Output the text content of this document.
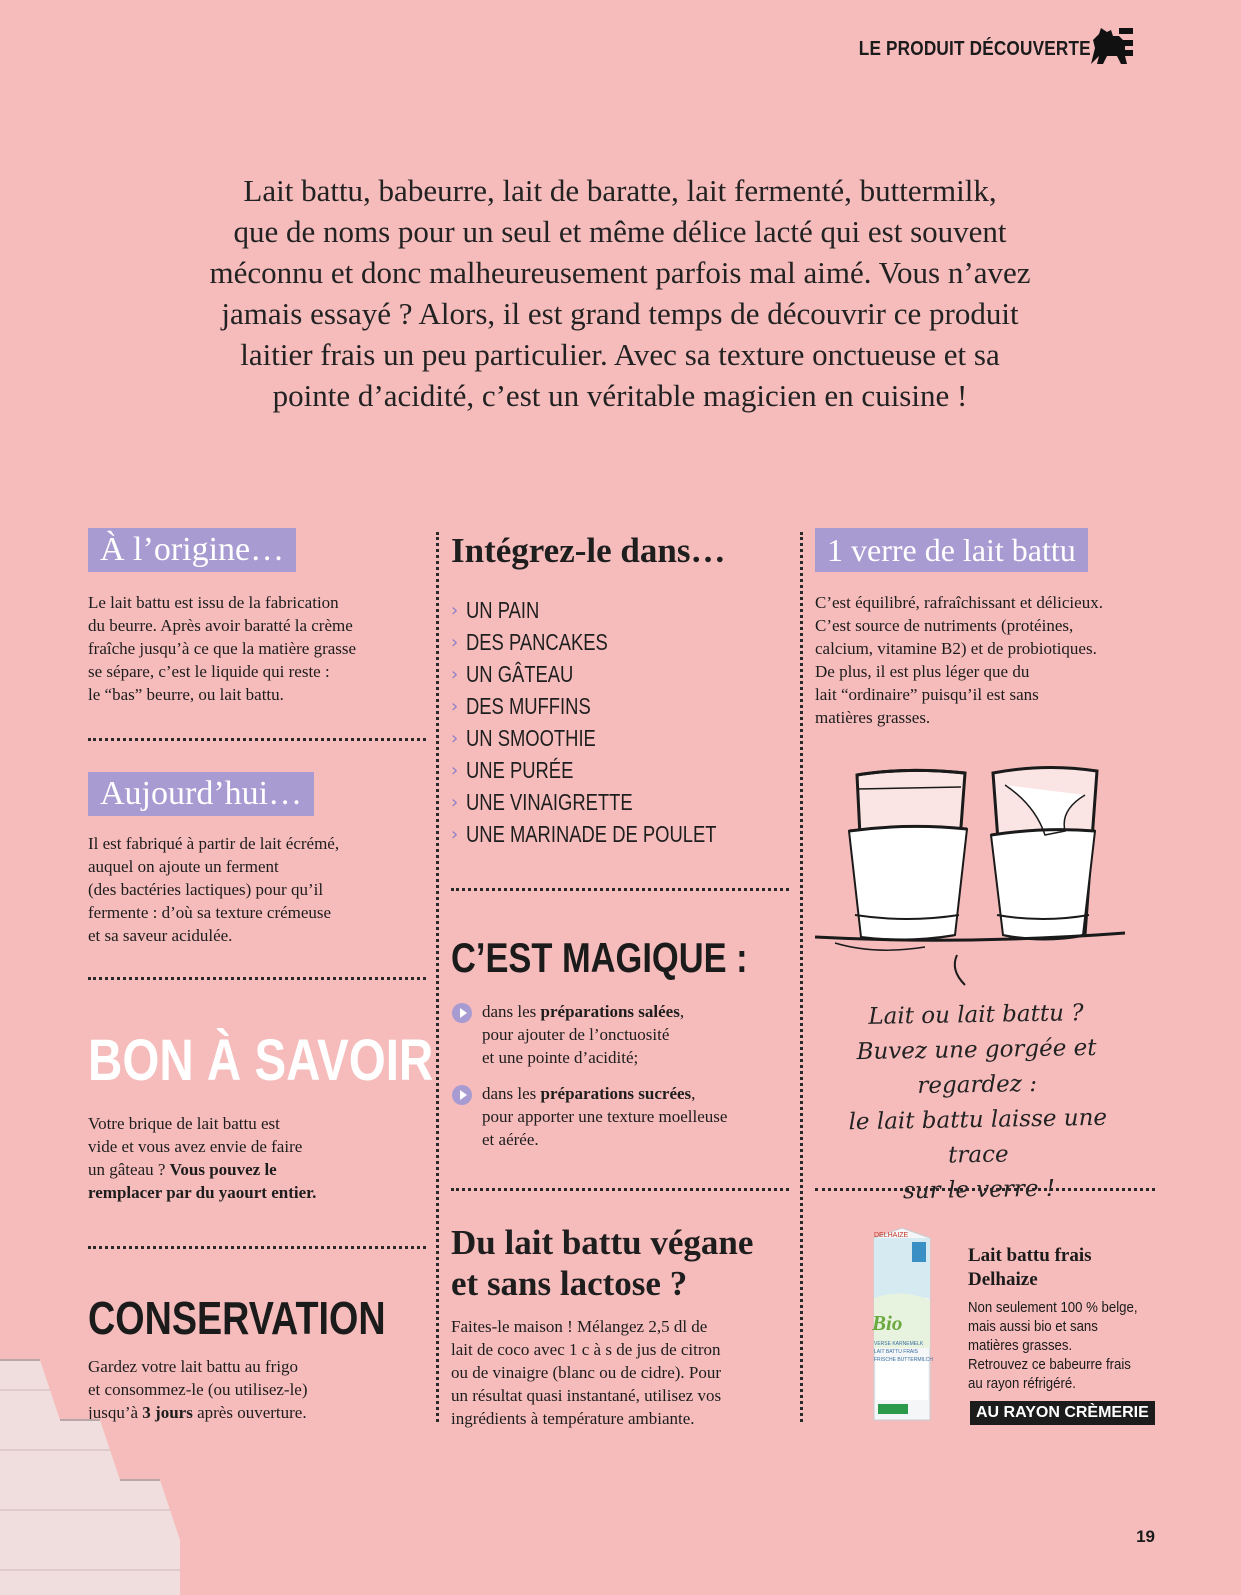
LE PRODUIT DÉCOUVERTE
Lait battu, babeurre, lait de baratte, lait fermenté, buttermilk,
que de noms pour un seul et même délice lacté qui est souvent
méconnu et donc malheureusement parfois mal aimé. Vous n’avez
jamais essayé ? Alors, il est grand temps de découvrir ce produit
laitier frais un peu particulier. Avec sa texture onctueuse et sa
pointe d’acidité, c’est un véritable magicien en cuisine !
À l’origine…
Le lait battu est issu de la fabrication
du beurre. Après avoir baratté la crème
fraîche jusqu’à ce que la matière grasse
se sépare, c’est le liquide qui reste :
le “bas” beurre, ou lait battu.
Aujourd’hui…
Il est fabriqué à partir de lait écrémé,
auquel on ajoute un ferment
(des bactéries lactiques) pour qu’il
fermente : d’où sa texture crémeuse
et sa saveur acidulée.
BON À SAVOIR
Votre brique de lait battu est
vide et vous avez envie de faire
un gâteau ? Vous pouvez le
remplacer par du yaourt entier.
CONSERVATION
Gardez votre lait battu au frigo
et consommez-le (ou utilisez-le)
jusqu’à 3 jours après ouverture.
Intégrez-le dans…
› UN PAIN
› DES PANCAKES
› UN GÂTEAU
› DES MUFFINS
› UN SMOOTHIE
› UNE PURÉE
› UNE VINAIGRETTE
› UNE MARINADE DE POULET
C’EST MAGIQUE :
dans les préparations salées,
pour ajouter de l’onctuosité
et une pointe d’acidité;
dans les préparations sucrées,
pour apporter une texture moelleuse
et aérée.
Du lait battu végane
et sans lactose ?
Faites-le maison ! Mélangez 2,5 dl de
lait de coco avec 1 c à s de jus de citron
ou de vinaigre (blanc ou de cidre). Pour
un résultat quasi instantané, utilisez vos
ingrédients à température ambiante.
1 verre de lait battu
C’est équilibré, rafraîchissant et délicieux.
C’est source de nutriments (protéines,
calcium, vitamine B2) et de probiotiques.
De plus, il est plus léger que du
lait “ordinaire” puisqu’il est sans
matières grasses.
Lait ou lait battu ?
Buvez une gorgée et regardez :
le lait battu laisse une trace
sur le verre !
Bio
DELHAIZE
VERSE KARNEMELK
LAIT BATTU FRAIS
FRISCHE BUTTERMILCH
Lait battu frais
Delhaize
Non seulement 100 % belge,
mais aussi bio et sans
matières grasses.
Retrouvez ce babeurre frais
au rayon réfrigéré.
AU RAYON CRÈMERIE
19
